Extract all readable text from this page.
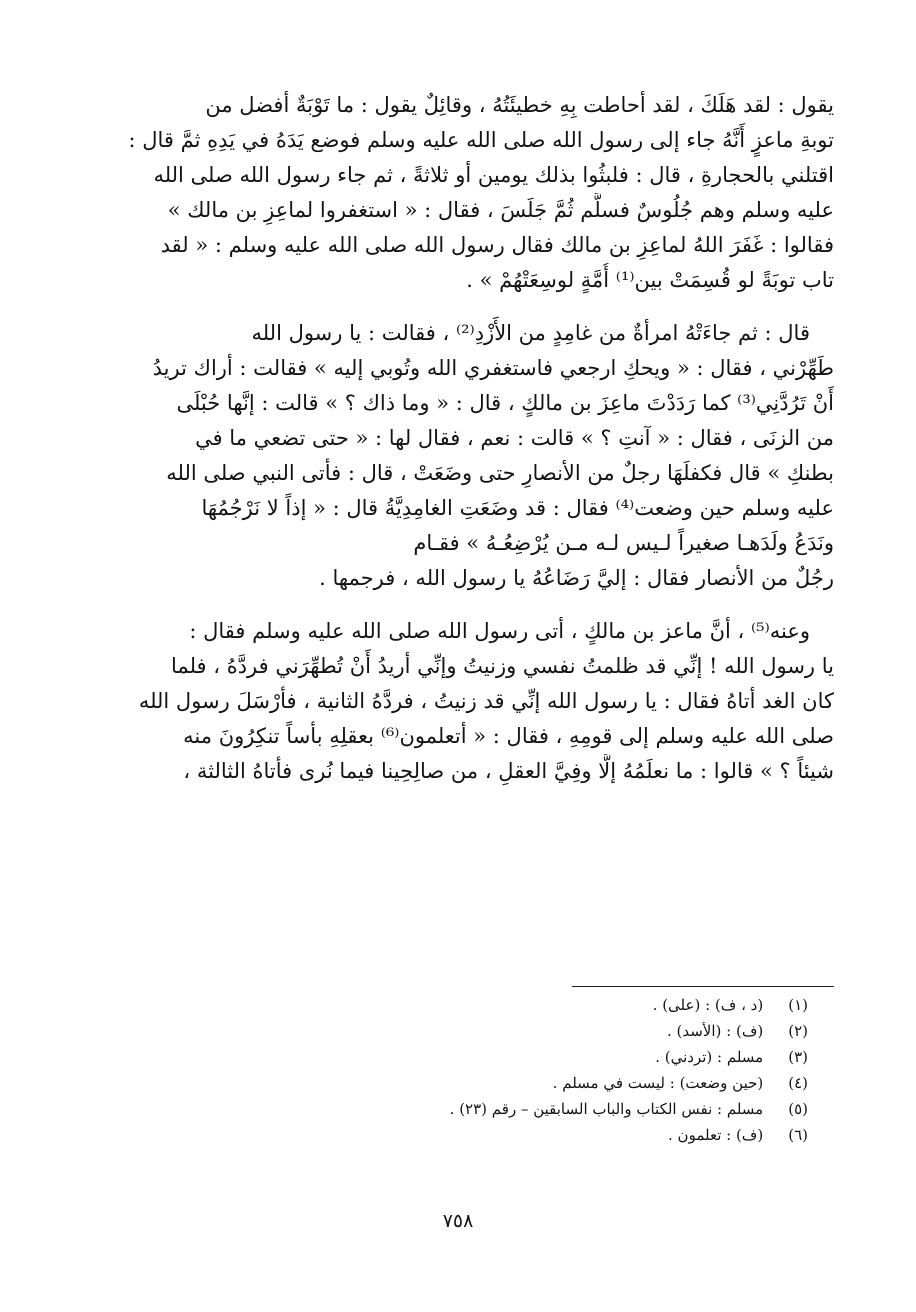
يقول : لقد هَلَكَ ، لقد أحاطت بِهِ خطيئَتُهُ ، وقائِلٌ يقول : ما تَوْبَةٌ أفضل من
توبةِ ماعزٍ أَنَّهُ جاء إلى رسول الله صلى الله عليه وسلم فوضع يَدَهُ في يَدِهِ ثمَّ قال :
اقتلني بالحجارةِ ، قال : فلبثُوا بذلك يومين أو ثلاثةً ، ثم جاء رسول الله صلى الله
عليه وسلم وهم جُلُوسٌ فسلَّم ثُمَّ جَلَسَ ، فقال : « استغفروا لماعِزِ بن مالك »
فقالوا : غَفَرَ اللهُ لماعِزِ بن مالك فقال رسول الله صلى الله عليه وسلم : « لقد
تاب توبَةً لو قُسِمَتْ بين⁽¹⁾ أُمَّةٍ لوسِعَتْهُمْ » .
قال : ثم جاءَتْهُ امرأةٌ من غامِدٍ من الأَزْدِ⁽²⁾ ، فقالت : يا رسول الله
طَهِّرْني ، فقال : « ويحكِ ارجعي فاستغفري الله وتُوبي إليه » فقالت : أراك تريدُ
أَنْ تَرُدَّنِي⁽³⁾ كما رَدَدْتَ ماعِزَ بن مالكٍ ، قال : « وما ذاك ؟ » قالت : إنَّها حُبْلَى
من الزنَى ، فقال : « آنتِ ؟ » قالت : نعم ، فقال لها : « حتى تضعي ما في
بطنكِ » قال فكفلَهَا رجلٌ من الأنصارِ حتى وضَعَتْ ، قال : فأتى النبي صلى الله
عليه وسلم حين وضعت⁽⁴⁾ فقال : قد وضَعَتِ الغامِدِيَّةُ قال : « إذاً لا نَرْجُمُهَا
ونَدَعُ ولَدَهـا صغيراً لـيس لـه مـن يُرْضِعُـهُ » فقـام
رجُلٌ من الأنصار فقال : إليَّ رَضَاعُهُ يا رسول الله ، فرجمها .
وعنه⁽⁵⁾ ، أنَّ ماعز بن مالكٍ ، أتى رسول الله صلى الله عليه وسلم فقال :
يا رسول الله ! إنِّي قد ظلمتُ نفسي وزنيتُ وإنِّي أريدُ أَنْ تُطهِّرَني فردَّهُ ، فلما
كان الغد أتاهُ فقال : يا رسول الله إنِّي قد زنيتُ ، فردَّهُ الثانية ، فأرْسَلَ رسول الله
صلى الله عليه وسلم إلى قومِهِ ، فقال : « أتعلمون⁽⁶⁾ بعقلِهِ بأساً تنكِرُونَ منه
شيئاً ؟ » قالوا : ما نعلَمُهُ إلَّا وفِيَّ العقلِ ، من صالِحِينا فيما نُرى فأتاهُ الثالثة ،
(١) (د ، ف) : (على) .
(٢) (ف) : (الأسد) .
(٣) مسلم : (تردني) .
(٤) (حين وضعت) : ليست في مسلم .
(٥) مسلم : نفس الكتاب والباب السابقين – رقم (٢٣) .
(٦) (ف) : تعلمون .
٧٥٨
